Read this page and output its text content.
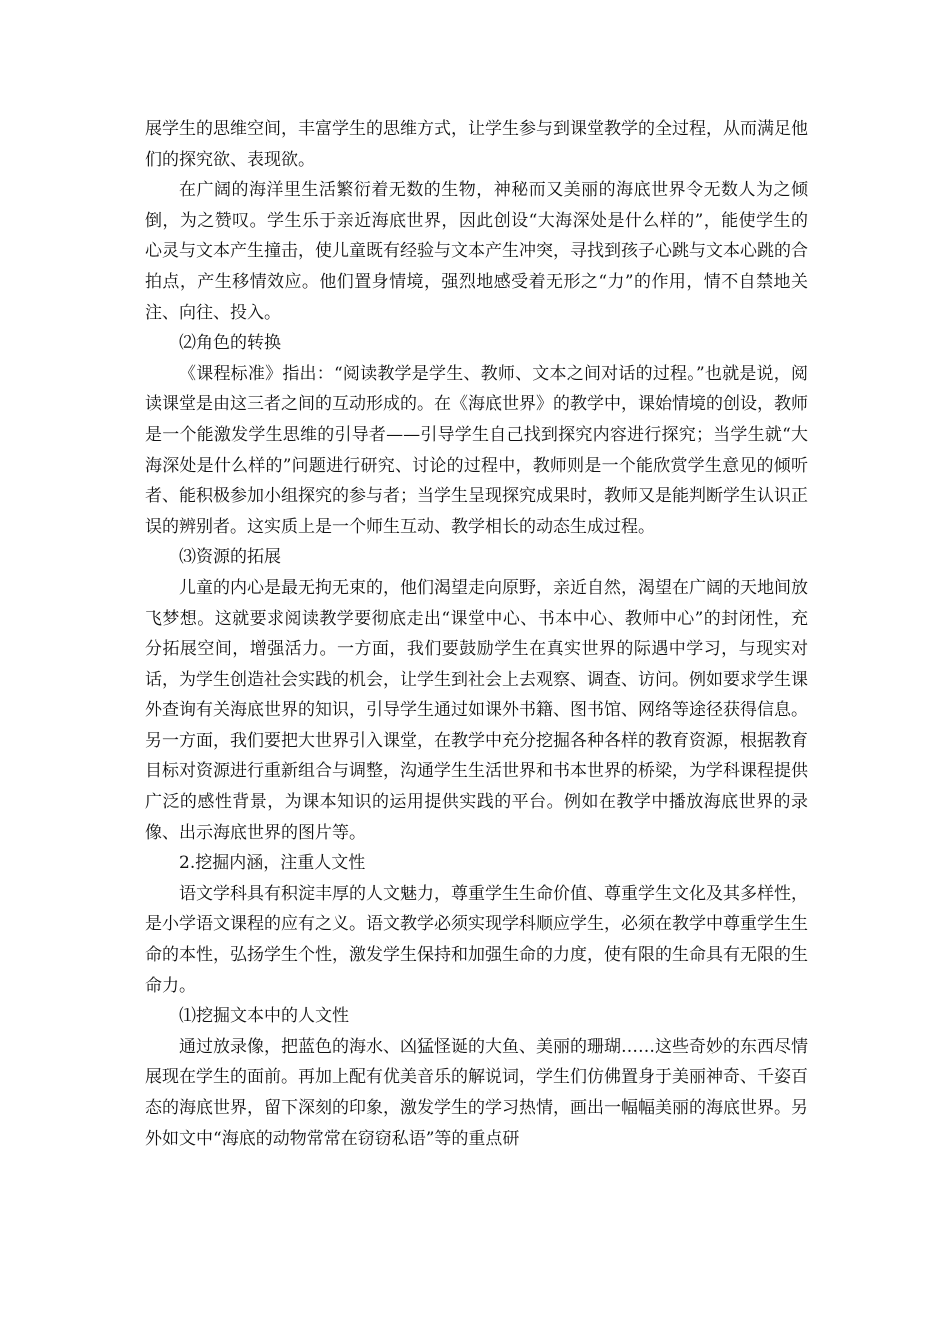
展学生的思维空间，丰富学生的思维方式，让学生参与到课堂教学的全过程，从而满足他们的探究欲、表现欲。

在广阔的海洋里生活繁衍着无数的生物，神秘而又美丽的海底世界令无数人为之倾倒，为之赞叹。学生乐于亲近海底世界，因此创设“大海深处是什么样的”，能使学生的心灵与文本产生撞击，使儿童既有经验与文本产生冲突，寻找到孩子心跳与文本心跳的合拍点，产生移情效应。他们置身情境，强烈地感受着无形之“力”的作用，情不自禁地关注、向往、投入。

⑵角色的转换

《课程标准》指出：“阅读教学是学生、教师、文本之间对话的过程。”也就是说，阅读课堂是由这三者之间的互动形成的。在《海底世界》的教学中，课始情境的创设，教师是一个能激发学生思维的引导者——引导学生自己找到探究内容进行探究；当学生就“大海深处是什么样的”问题进行研究、讨论的过程中，教师则是一个能欣赏学生意见的倾听者、能积极参加小组探究的参与者；当学生呈现探究成果时，教师又是能判断学生认识正误的辨别者。这实质上是一个师生互动、教学相长的动态生成过程。

⑶资源的拓展

儿童的内心是最无拘无束的，他们渴望走向原野，亲近自然，渴望在广阔的天地间放飞梦想。这就要求阅读教学要彻底走出“课堂中心、书本中心、教师中心”的封闭性，充分拓展空间，增强活力。一方面，我们要鼓励学生在真实世界的际遇中学习，与现实对话，为学生创造社会实践的机会，让学生到社会上去观察、调查、访问。例如要求学生课外查询有关海底世界的知识，引导学生通过如课外书籍、图书馆、网络等途径获得信息。另一方面，我们要把大世界引入课堂，在教学中充分挖掘各种各样的教育资源，根据教育目标对资源进行重新组合与调整，沟通学生生活世界和书本世界的桥梁，为学科课程提供广泛的感性背景，为课本知识的运用提供实践的平台。例如在教学中播放海底世界的录像、出示海底世界的图片等。

2.挖掘内涵，注重人文性

语文学科具有积淀丰厚的人文魅力，尊重学生生命价值、尊重学生文化及其多样性，是小学语文课程的应有之义。语文教学必须实现学科顺应学生，必须在教学中尊重学生生命的本性，弘扬学生个性，激发学生保持和加强生命的力度，使有限的生命具有无限的生命力。

⑴挖掘文本中的人文性

通过放录像，把蓝色的海水、凶猛怪诞的大鱼、美丽的珊瑚……这些奇妙的东西尽情展现在学生的面前。再加上配有优美音乐的解说词，学生们仿佛置身于美丽神奇、千姿百态的海底世界，留下深刻的印象，激发学生的学习热情，画出一幅幅美丽的海底世界。另外如文中“海底的动物常常在窃窃私语”等的重点研
